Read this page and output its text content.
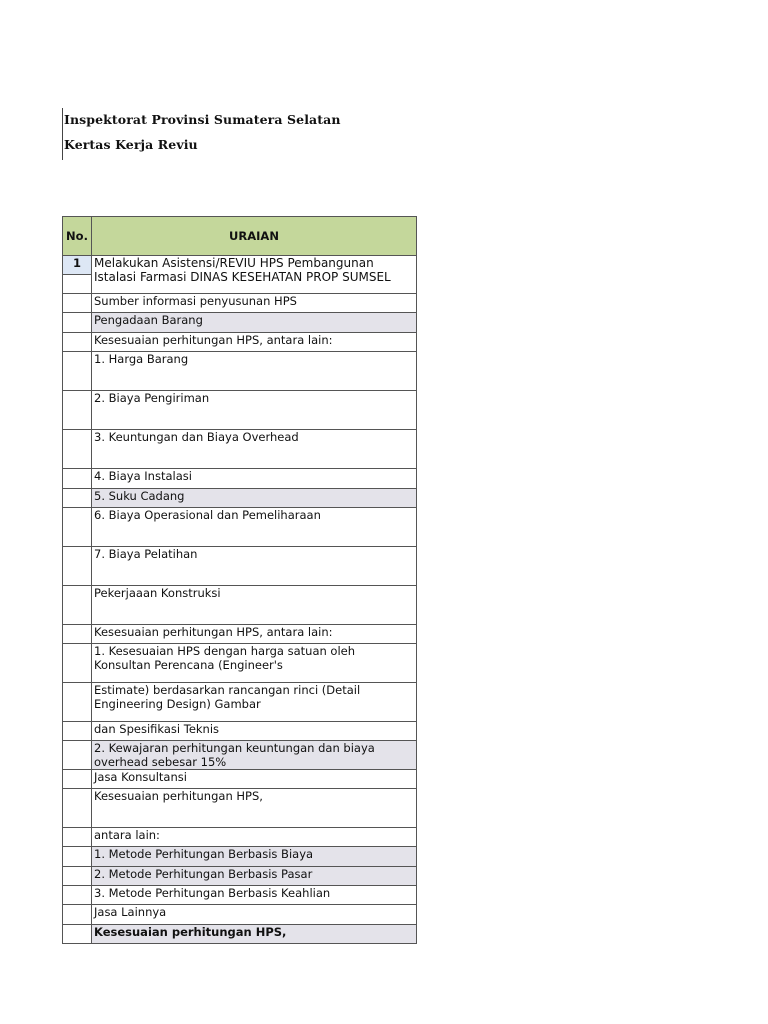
Inspektorat Provinsi Sumatera Selatan
Kertas Kerja Reviu
No.	URAIAN
1	Melakukan Asistensi/REVIU HPS Pembangunan Istalasi Farmasi DINAS KESEHATAN PROP SUMSEL

	Sumber informasi penyusunan HPS
	Pengadaan Barang
	Kesesuaian perhitungan HPS, antara lain:
	1. Harga Barang
	2. Biaya Pengiriman
	3. Keuntungan dan Biaya Overhead
	4. Biaya Instalasi
	5. Suku Cadang
	6. Biaya Operasional dan Pemeliharaan
	7. Biaya Pelatihan
	Pekerjaaan Konstruksi
	Kesesuaian perhitungan HPS, antara lain:
	1. Kesesuaian HPS dengan harga satuan oleh Konsultan Perencana (Engineer's
	Estimate) berdasarkan rancangan rinci (Detail Engineering Design) Gambar
	dan Spesifikasi Teknis
	2. Kewajaran perhitungan keuntungan dan biaya overhead sebesar 15%
	Jasa Konsultansi
	Kesesuaian perhitungan HPS,
	antara lain:
	1. Metode Perhitungan Berbasis Biaya
	2. Metode Perhitungan Berbasis Pasar
	3. Metode Perhitungan Berbasis Keahlian
	Jasa Lainnya
	Kesesuaian perhitungan HPS,
